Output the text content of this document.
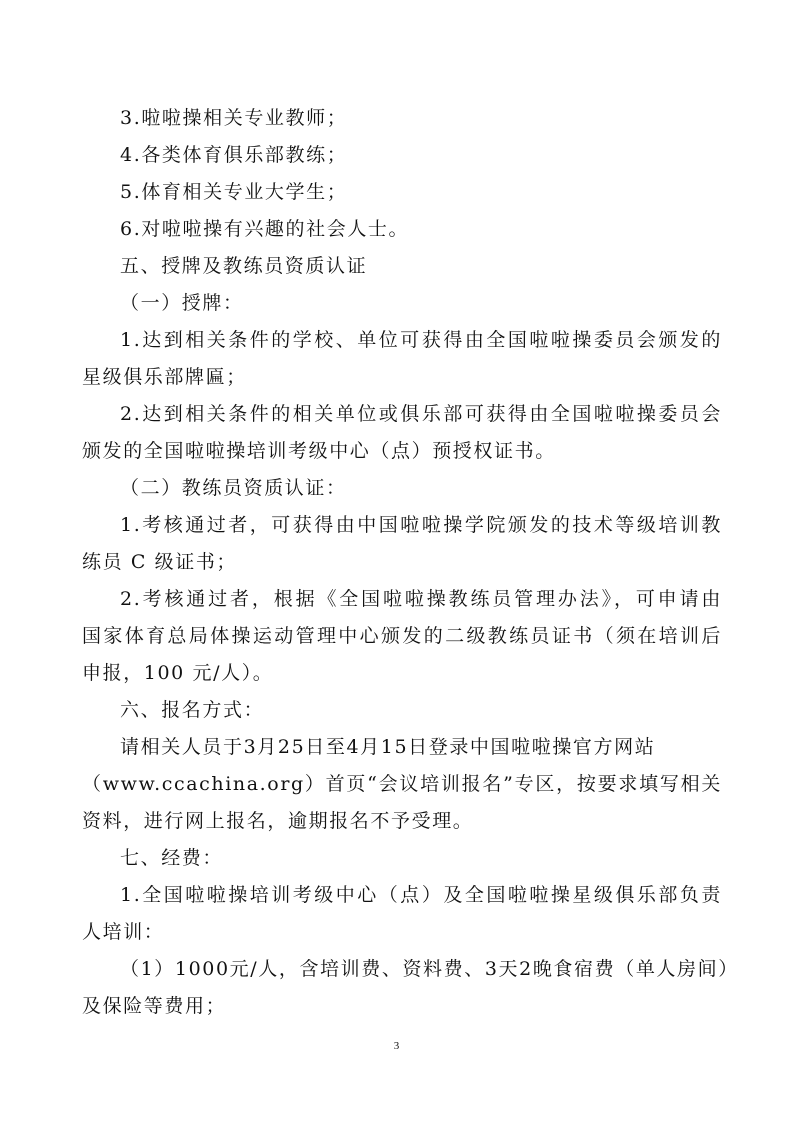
3.啦啦操相关专业教师；

4.各类体育俱乐部教练；

5.体育相关专业大学生；

6.对啦啦操有兴趣的社会人士。

五、授牌及教练员资质认证

（一）授牌：

1.达到相关条件的学校、单位可获得由全国啦啦操委员会颁发的

星级俱乐部牌匾；

2.达到相关条件的相关单位或俱乐部可获得由全国啦啦操委员会

颁发的全国啦啦操培训考级中心（点）预授权证书。

（二）教练员资质认证：

1.考核通过者，可获得由中国啦啦操学院颁发的技术等级培训教

练员 C 级证书；

2.考核通过者，根据《全国啦啦操教练员管理办法》，可申请由

国家体育总局体操运动管理中心颁发的二级教练员证书（须在培训后

申报，100 元/人）。

六、报名方式：

请相关人员于3月25日至4月15日登录中国啦啦操官方网站

（www.ccachina.org）首页“会议培训报名”专区，按要求填写相关

资料，进行网上报名，逾期报名不予受理。

七、经费：

1.全国啦啦操培训考级中心（点）及全国啦啦操星级俱乐部负责

人培训：

（1）1000元/人，含培训费、资料费、3天2晚食宿费（单人房间）

及保险等费用；

3
